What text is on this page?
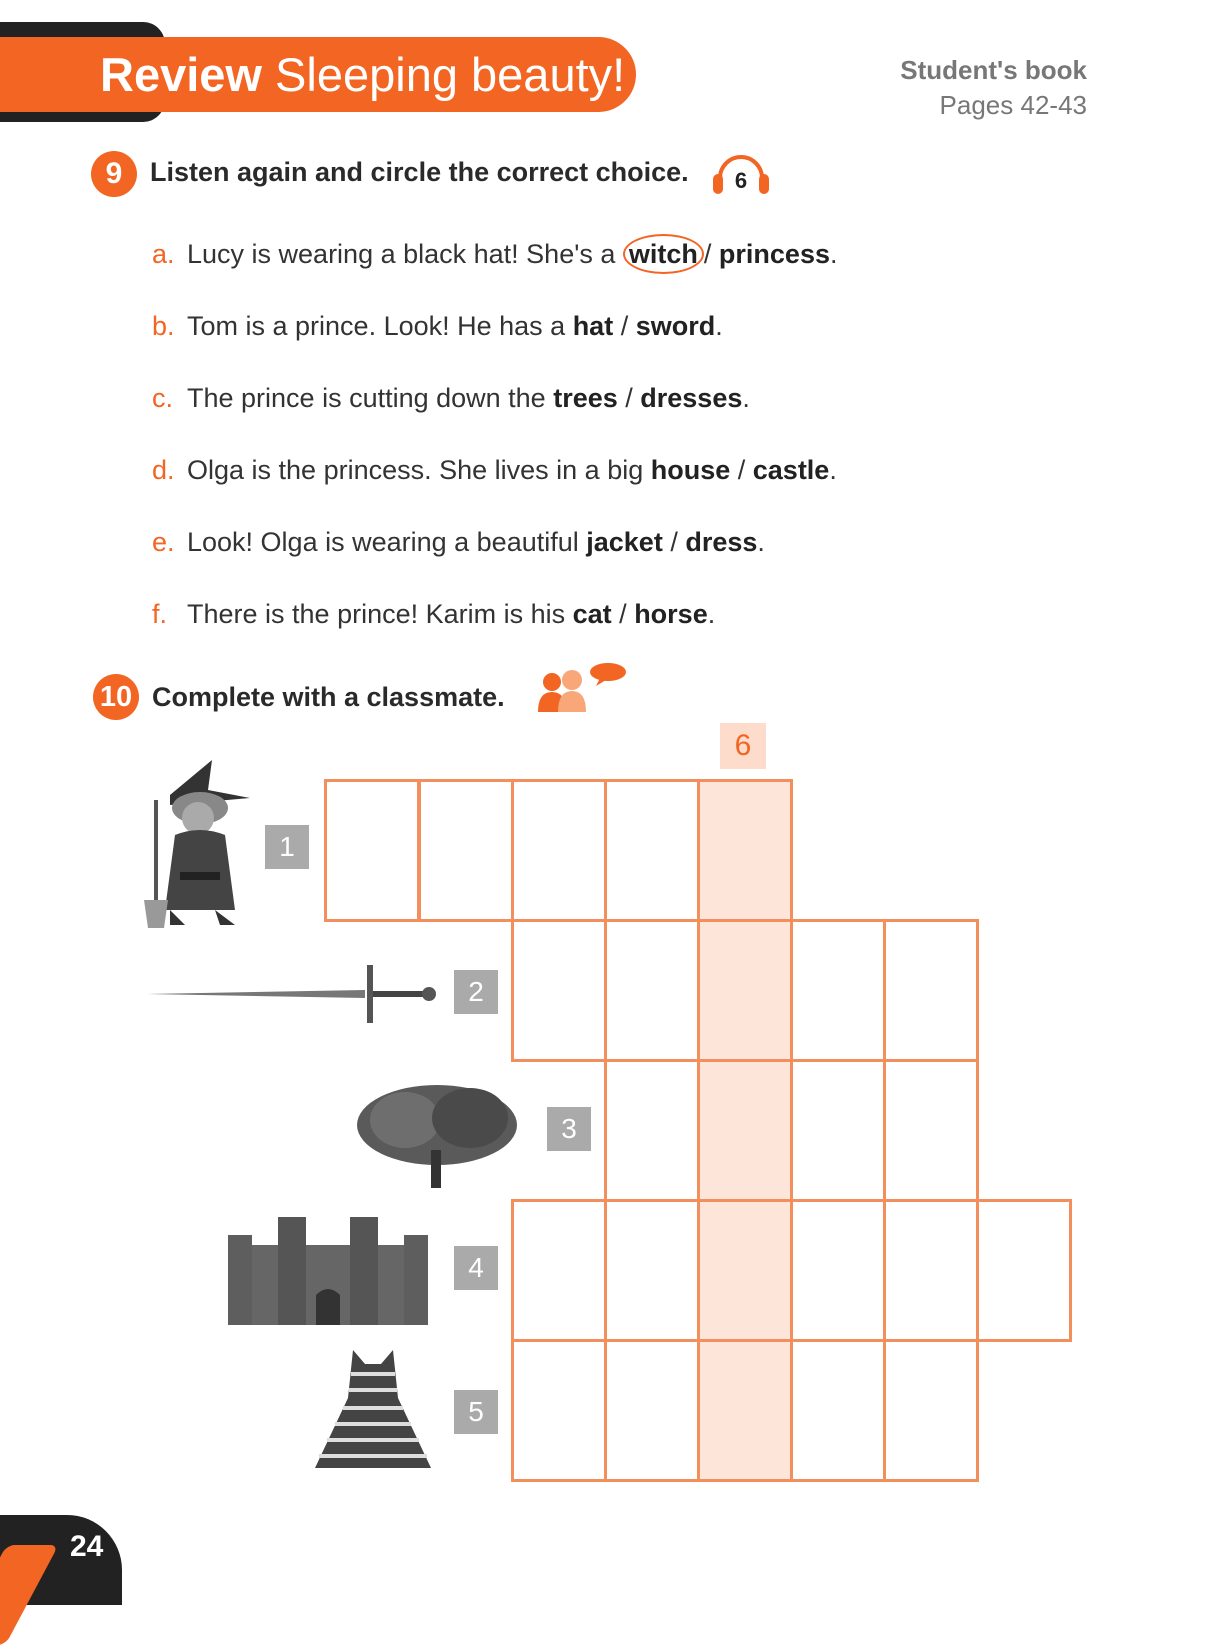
Review Sleeping beauty!	Student's book
Pages 42-43
9	Listen again and circle the correct choice. 6
a. Lucy is wearing a black hat! She's a witch / princess.
b. Tom is a prince. Look! He has a hat / sword.
c. The prince is cutting down the trees / dresses.
d. Olga is the princess. She lives in a big house / castle.
e. Look! Olga is wearing a beautiful jacket / dress.
f. There is the prince! Karim is his cat / horse.
10 Complete with a classmate.
6
1
2
3
4
5
24
